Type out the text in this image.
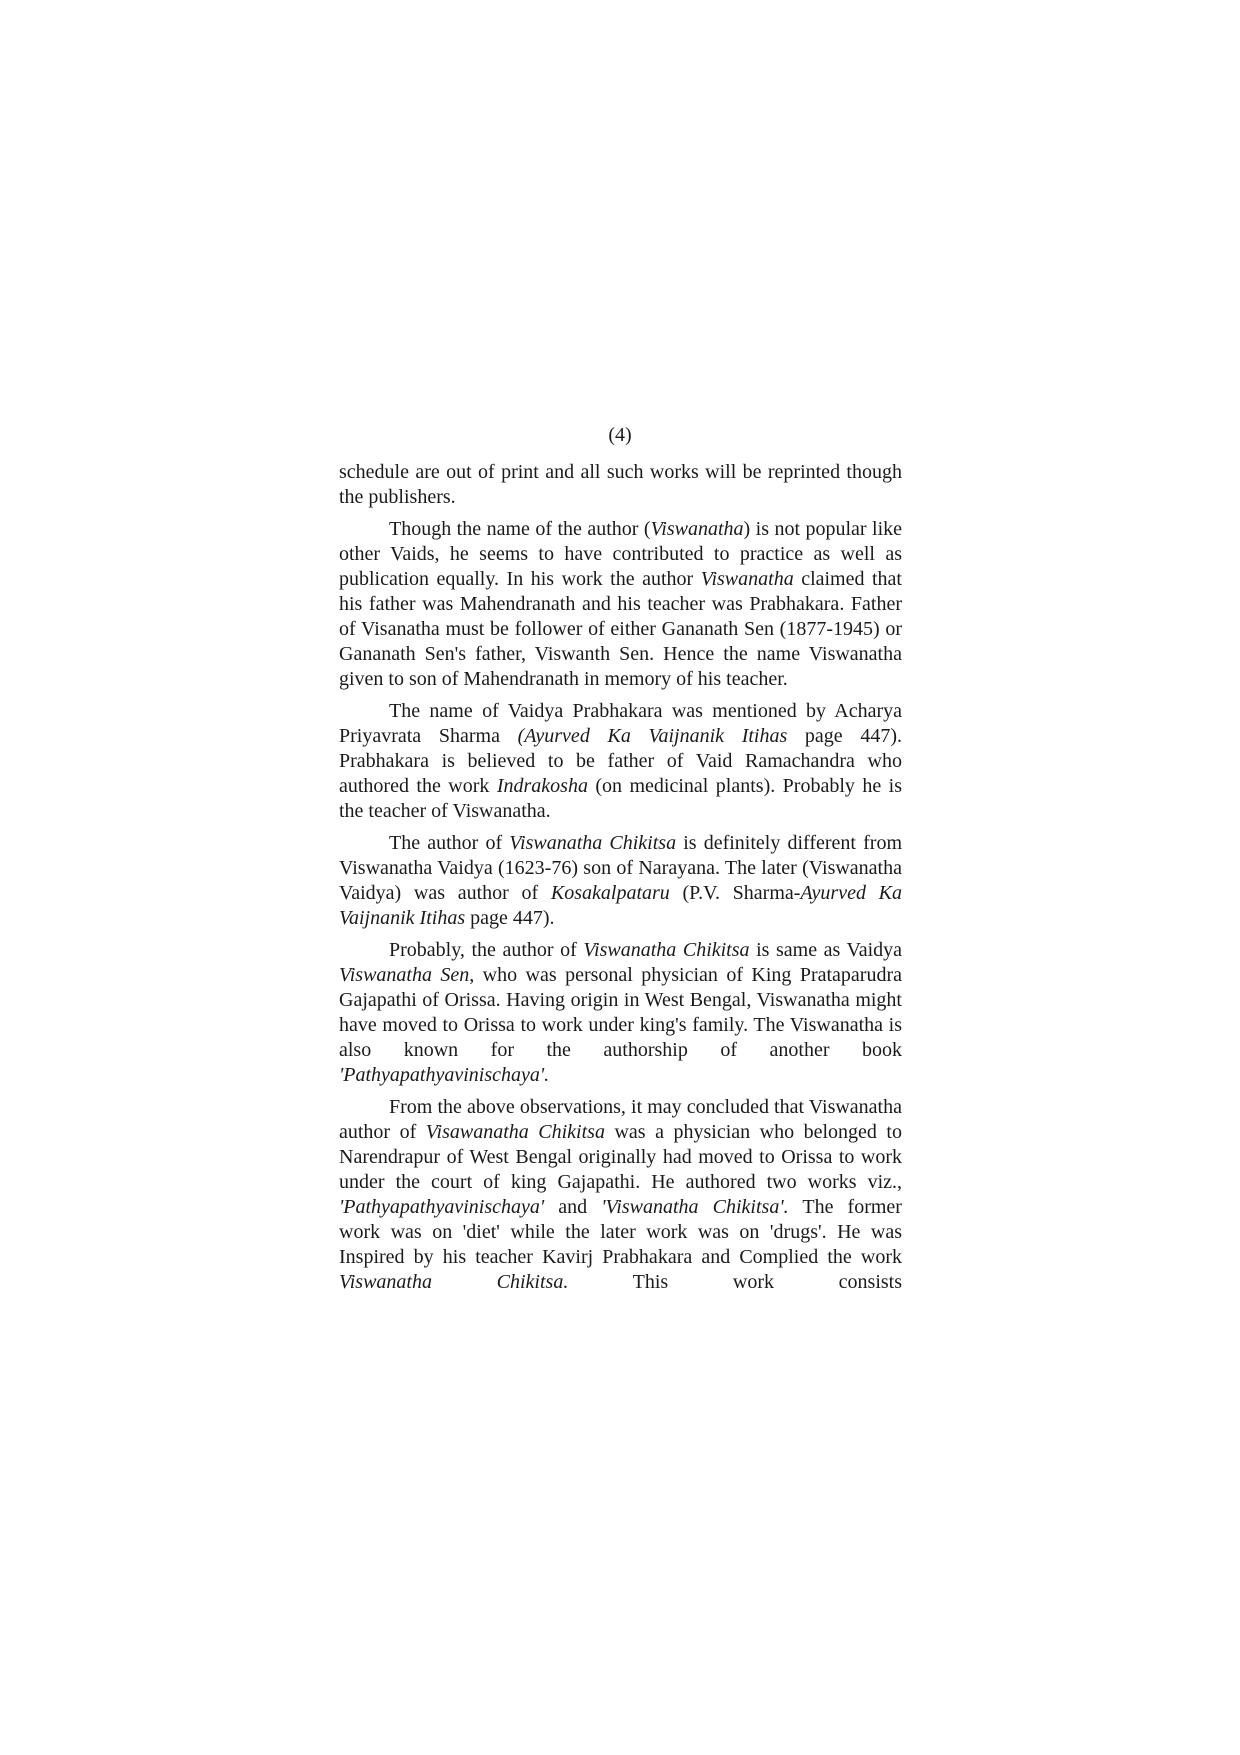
(4)

schedule are out of print and all such works will be reprinted though the publishers.

Though the name of the author (Viswanatha) is not popular like other Vaids, he seems to have contributed to practice as well as publication equally. In his work the author Viswanatha claimed that his father was Mahendranath and his teacher was Prabhakara. Father of Visanatha must be follower of either Gananath Sen (1877-1945) or Gananath Sen's father, Viswanth Sen. Hence the name Viswanatha given to son of Mahendranath in memory of his teacher.

The name of Vaidya Prabhakara was mentioned by Acharya Priyavrata Sharma (Ayurved Ka Vaijnanik Itihas page 447). Prabhakara is believed to be father of Vaid Ramachandra who authored the work Indrakosha (on medicinal plants). Probably he is the teacher of Viswanatha.

The author of Viswanatha Chikitsa is definitely different from Viswanatha Vaidya (1623-76) son of Narayana. The later (Viswanatha Vaidya) was author of Kosakalpataru (P.V. Sharma-Ayurved Ka Vaijnanik Itihas page 447).

Probably, the author of Viswanatha Chikitsa is same as Vaidya Viswanatha Sen, who was personal physician of King Prataparudra Gajapathi of Orissa. Having origin in West Bengal, Viswanatha might have moved to Orissa to work under king's family. The Viswanatha is also known for the authorship of another book 'Pathyapathyavinischaya'.

From the above observations, it may concluded that Viswanatha author of Visawanatha Chikitsa was a physician who belonged to Narendrapur of West Bengal originally had moved to Orissa to work under the court of king Gajapathi. He authored two works viz., 'Pathyapathyavinischaya' and 'Viswanatha Chikitsa'. The former work was on 'diet' while the later work was on 'drugs'. He was Inspired by his teacher Kavirj Prabhakara and Complied the work Viswanatha Chikitsa. This work consists
